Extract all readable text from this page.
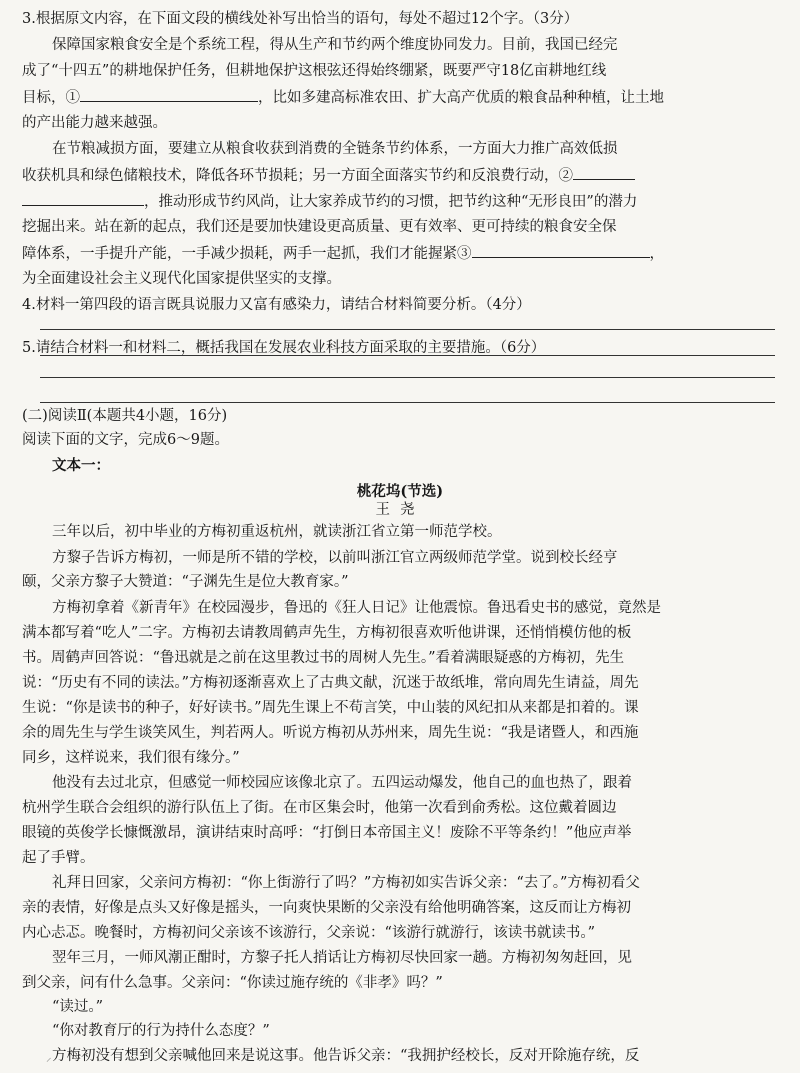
3.根据原文内容，在下面文段的横线处补写出恰当的语句，每处不超过12个字。（3分）
保障国家粮食安全是个系统工程，得从生产和节约两个维度协同发力。目前，我国已经完
成了“十四五”的耕地保护任务，但耕地保护这根弦还得始终绷紧，既要严守18亿亩耕地红线
目标，①	，比如多建高标准农田、扩大高产优质的粮食品种种植，让土地
的产出能力越来越强。
在节粮减损方面，要建立从粮食收获到消费的全链条节约体系，一方面大力推广高效低损
收获机具和绿色储粮技术，降低各环节损耗；另一方面全面落实节约和反浪费行动，②
，推动形成节约风尚，让大家养成节约的习惯，把节约这种“无形良田”的潜力
挖掘出来。站在新的起点，我们还是要加快建设更高质量、更有效率、更可持续的粮食安全保
障体系，一手提升产能，一手减少损耗，两手一起抓，我们才能握紧③	，
为全面建设社会主义现代化国家提供坚实的支撑。
4.材料一第四段的语言既具说服力又富有感染力，请结合材料简要分析。（4分）
5.请结合材料一和材料二，概括我国在发展农业科技方面采取的主要措施。（6分）
(二)阅读Ⅱ(本题共4小题，16分)
阅读下面的文字，完成6～9题。
文本一：
桃花坞(节选)
王尧
三年以后，初中毕业的方梅初重返杭州，就读浙江省立第一师范学校。
方黎子告诉方梅初，一师是所不错的学校，以前叫浙江官立两级师范学堂。说到校长经亨
颐，父亲方黎子大赞道：“子渊先生是位大教育家。”
方梅初拿着《新青年》在校园漫步，鲁迅的《狂人日记》让他震惊。鲁迅看史书的感觉，竟然是
满本都写着“吃人”二字。方梅初去请教周鹤声先生，方梅初很喜欢听他讲课，还悄悄模仿他的板
书。周鹤声回答说：“鲁迅就是之前在这里教过书的周树人先生。”看着满眼疑惑的方梅初，先生
说：“历史有不同的读法。”方梅初逐渐喜欢上了古典文献，沉迷于故纸堆，常向周先生请益，周先
生说：“你是读书的种子，好好读书。”周先生课上不苟言笑，中山装的风纪扣从来都是扣着的。课
余的周先生与学生谈笑风生，判若两人。听说方梅初从苏州来，周先生说：“我是诸暨人，和西施
同乡，这样说来，我们很有缘分。”
他没有去过北京，但感觉一师校园应该像北京了。五四运动爆发，他自己的血也热了，跟着
杭州学生联合会组织的游行队伍上了街。在市区集会时，他第一次看到俞秀松。这位戴着圆边
眼镜的英俊学长慷慨激昂，演讲结束时高呼：“打倒日本帝国主义！废除不平等条约！”他应声举
起了手臂。
礼拜日回家，父亲问方梅初：“你上街游行了吗？”方梅初如实告诉父亲：“去了。”方梅初看父
亲的表情，好像是点头又好像是摇头，一向爽快果断的父亲没有给他明确答案，这反而让方梅初
内心忐忑。晚餐时，方梅初问父亲该不该游行，父亲说：“该游行就游行，该读书就读书。”
翌年三月，一师风潮正酣时，方黎子托人捎话让方梅初尽快回家一趟。方梅初匆匆赶回，见
到父亲，问有什么急事。父亲问：“你读过施存统的《非孝》吗？”
“读过。”
“你对教育厅的行为持什么态度？”
方梅初没有想到父亲喊他回来是说这事。他告诉父亲：“我拥护经校长，反对开除施存统，反
⸝
